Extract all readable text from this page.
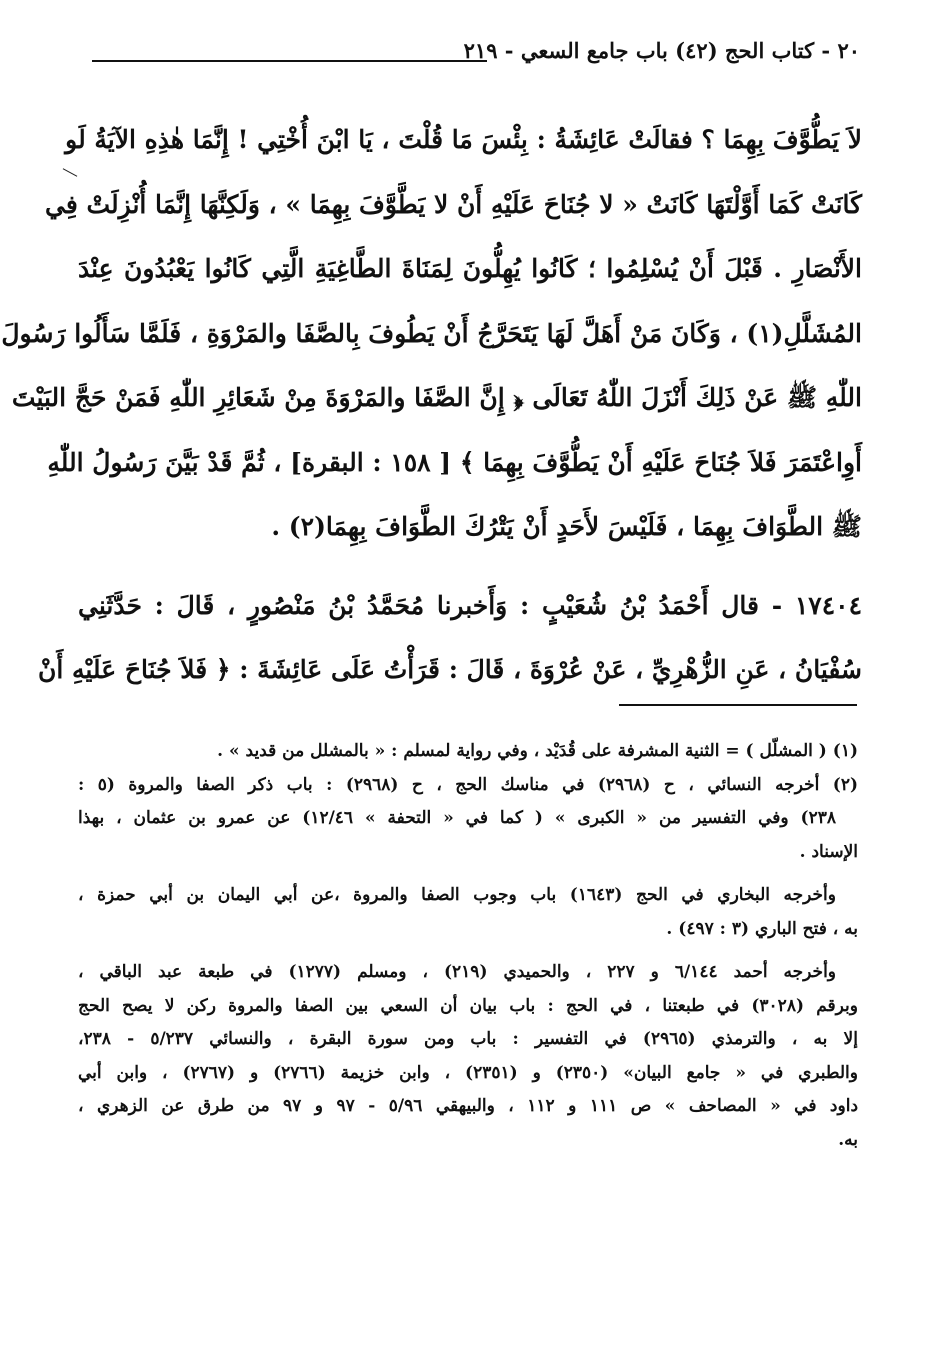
٢٠ - كتاب الحج (٤٢) باب جامع السعي - ٢١٩
لاَ يَطُّوَّفَ بِهِمَا ؟ فقالَتْ عَائِشَةُ : بِئْسَ مَا قُلْتَ ، يَا ابْنَ أُخْتِي ! إِنَّمَا هٰذِهِ الآيَةُ لَو
كَانَتْ كَمَا أَوَّلْتَهَا كَانَتْ « لا جُنَاحَ عَلَيْهِ أَنْ لا يَطَّوَّفَ بِهِمَا » ، وَلَكِنَّهَا إِنَّمَا أُنْزِلَتْ فِي
الأَنْصَارِ . قَبْلَ أَنْ يُسْلِمُوا ؛ كَانُوا يُهِلُّونَ لِمَنَاةَ الطَّاغِيَةِ الَّتِي كَانُوا يَعْبُدُونَ عِنْدَ
المُشَلَّلِ(١) ، وَكَانَ مَنْ أَهَلَّ لَهَا يَتَحَرَّجُ أَنْ يَطُوفَ بِالصَّفَا والمَرْوَةِ ، فَلَمَّا سَأَلُوا رَسُولَ
اللّٰهِ ﷺ عَنْ ذَلِكَ أَنْزَلَ اللّٰهُ تَعَالَى ﴿ إِنَّ الصَّفَا والمَرْوَةَ مِنْ شَعَائِرِ اللّٰهِ فَمَنْ حَجَّ البَيْتَ
أَوِاعْتَمَرَ فَلاَ جُنَاحَ عَلَيْهِ أَنْ يَطُّوَّفَ بِهِمَا ﴾ [ ١٥٨ : البقرة] ، ثُمَّ قَدْ بَيَّنَ رَسُولُ اللّٰهِ
ﷺ الطَّوَافَ بِهِمَا ، فَلَيْسَ لأَحَدٍ أَنْ يَتْرُكَ الطَّوَافَ بِهِمَا(٢) .
١٧٤٠٤ - قال أَحْمَدُ بْنُ شُعَيْبٍ : وَأَخبرنا مُحَمَّدُ بْنُ مَنْصُورٍ ، قَالَ : حَدَّثَنِي
سُفْيَانُ ، عَنِ الزُّهْرِيِّ ، عَنْ عُرْوَةَ ، قَالَ : قَرَأْتُ عَلَى عَائِشَةَ : ﴿ فَلاَ جُنَاحَ عَلَيْهِ أَنْ
(١) ( المشلّل ) = الثنية المشرفة على قُدَيْد ، وفي رواية لمسلم : « بالمشلل من قديد » .
(٢) أخرجه النسائي ، ح (٢٩٦٨) في مناسك الحج ، ح (٢٩٦٨) : باب ذكر الصفا والمروة (٥ :
٢٣٨) وفي التفسير من « الكبرى » ( كما في « التحفة » ١٢/٤٦) عن عمرو بن عثمان ، بهذا
الإسناد .
وأخرجه البخاري في الحج (١٦٤٣) باب وجوب الصفا والمروة ،عن أبي اليمان بن أبي حمزة ،
به ، فتح الباري (٣ : ٤٩٧) .
وأخرجه أحمد ٦/١٤٤ و ٢٢٧ ، والحميدي (٢١٩) ، ومسلم (١٢٧٧) في طبعة عبد الباقي ،
وبرقم (٣٠٢٨) في طبعتنا ، في الحج : باب بيان أن السعي بين الصفا والمروة ركن لا يصح الحج
إلا به ، والترمذي (٢٩٦٥) في التفسير : باب ومن سورة البقرة ، والنسائي ٥/٢٣٧ - ٢٣٨،
والطبري في « جامع البيان» (٢٣٥٠) و (٢٣٥١) ، وابن خزيمة (٢٧٦٦) و (٢٧٦٧) ، وابن أبي
داود في « المصاحف » ص ١١١ و ١١٢ ، والبيهقي ٥/٩٦ - ٩٧ و ٩٧ من طرق عن الزهري ،
به.
